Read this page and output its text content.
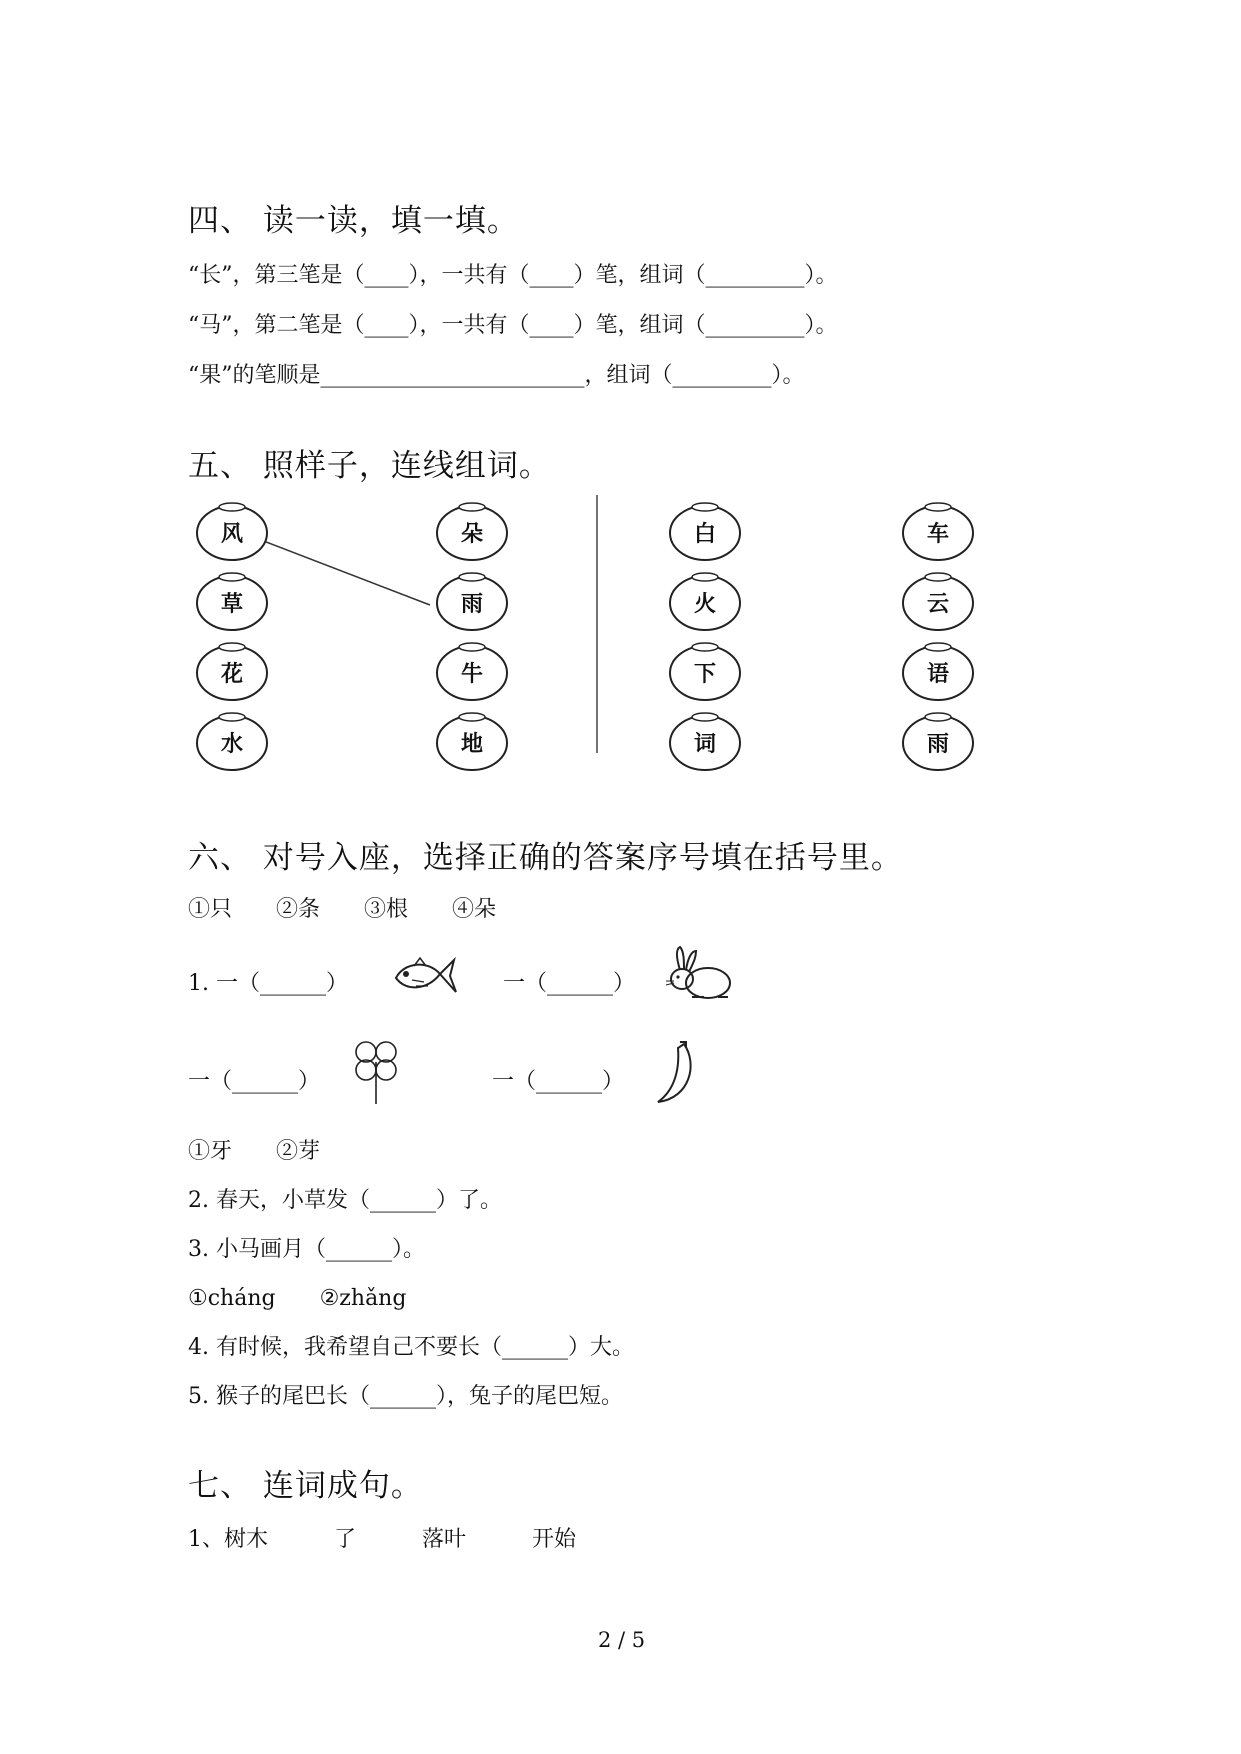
四、 读一读，填一填。
“长”，第三笔是（____），一共有（____）笔，组词（_________）。
“马”，第二笔是（____），一共有（____）笔，组词（_________）。
“果”的笔顺是________________________，组词（_________）。
五、 照样子，连线组词。
风
草
花
水
朵
雨
牛
地
白
火
下
词
车
云
语
雨
六、 对号入座，选择正确的答案序号填在括号里。
①只　　②条　　③根　　④朵
1. 一（______）	一（______）
一（______）	一（______）
①牙　　②芽
2. 春天，小草发（______）了。
3. 小马画月（______）。
①cháng　　②zhǎng
4. 有时候，我希望自己不要长（______）大。
5. 猴子的尾巴长（______），兔子的尾巴短。
七、 连词成句。
1、树木　　　了　　　落叶　　　开始
2 / 5
